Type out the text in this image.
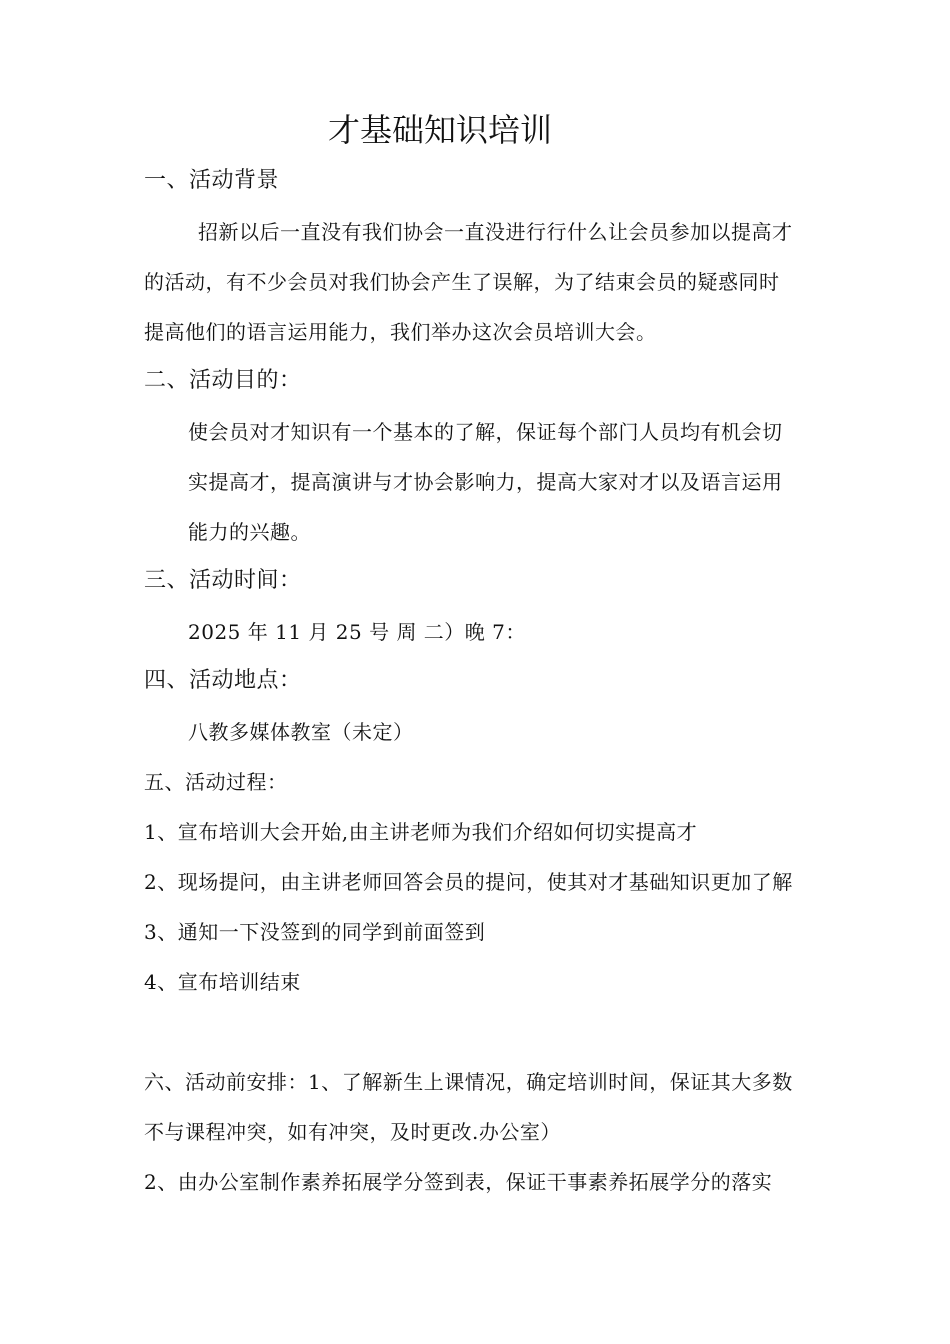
才基础知识培训
一、活动背景
招新以后一直没有我们协会一直没进行行什么让会员参加以提高才
的活动，有不少会员对我们协会产生了误解，为了结束会员的疑惑同时
提高他们的语言运用能力，我们举办这次会员培训大会。
二、活动目的：
使会员对才知识有一个基本的了解，保证每个部门人员均有机会切
实提高才，提高演讲与才协会影响力，提高大家对才以及语言运用
能力的兴趣。
三、活动时间：
2025 年 11 月 25 号 周 二）晚 7：
四、活动地点：
八教多媒体教室（未定）
五、活动过程：
1、宣布培训大会开始,由主讲老师为我们介绍如何切实提高才
2、现场提问，由主讲老师回答会员的提问，使其对才基础知识更加了解
3、通知一下没签到的同学到前面签到
4、宣布培训结束
六、活动前安排：1、了解新生上课情况，确定培训时间，保证其大多数
不与课程冲突，如有冲突，及时更改.办公室）
2、由办公室制作素养拓展学分签到表，保证干事素养拓展学分的落实
